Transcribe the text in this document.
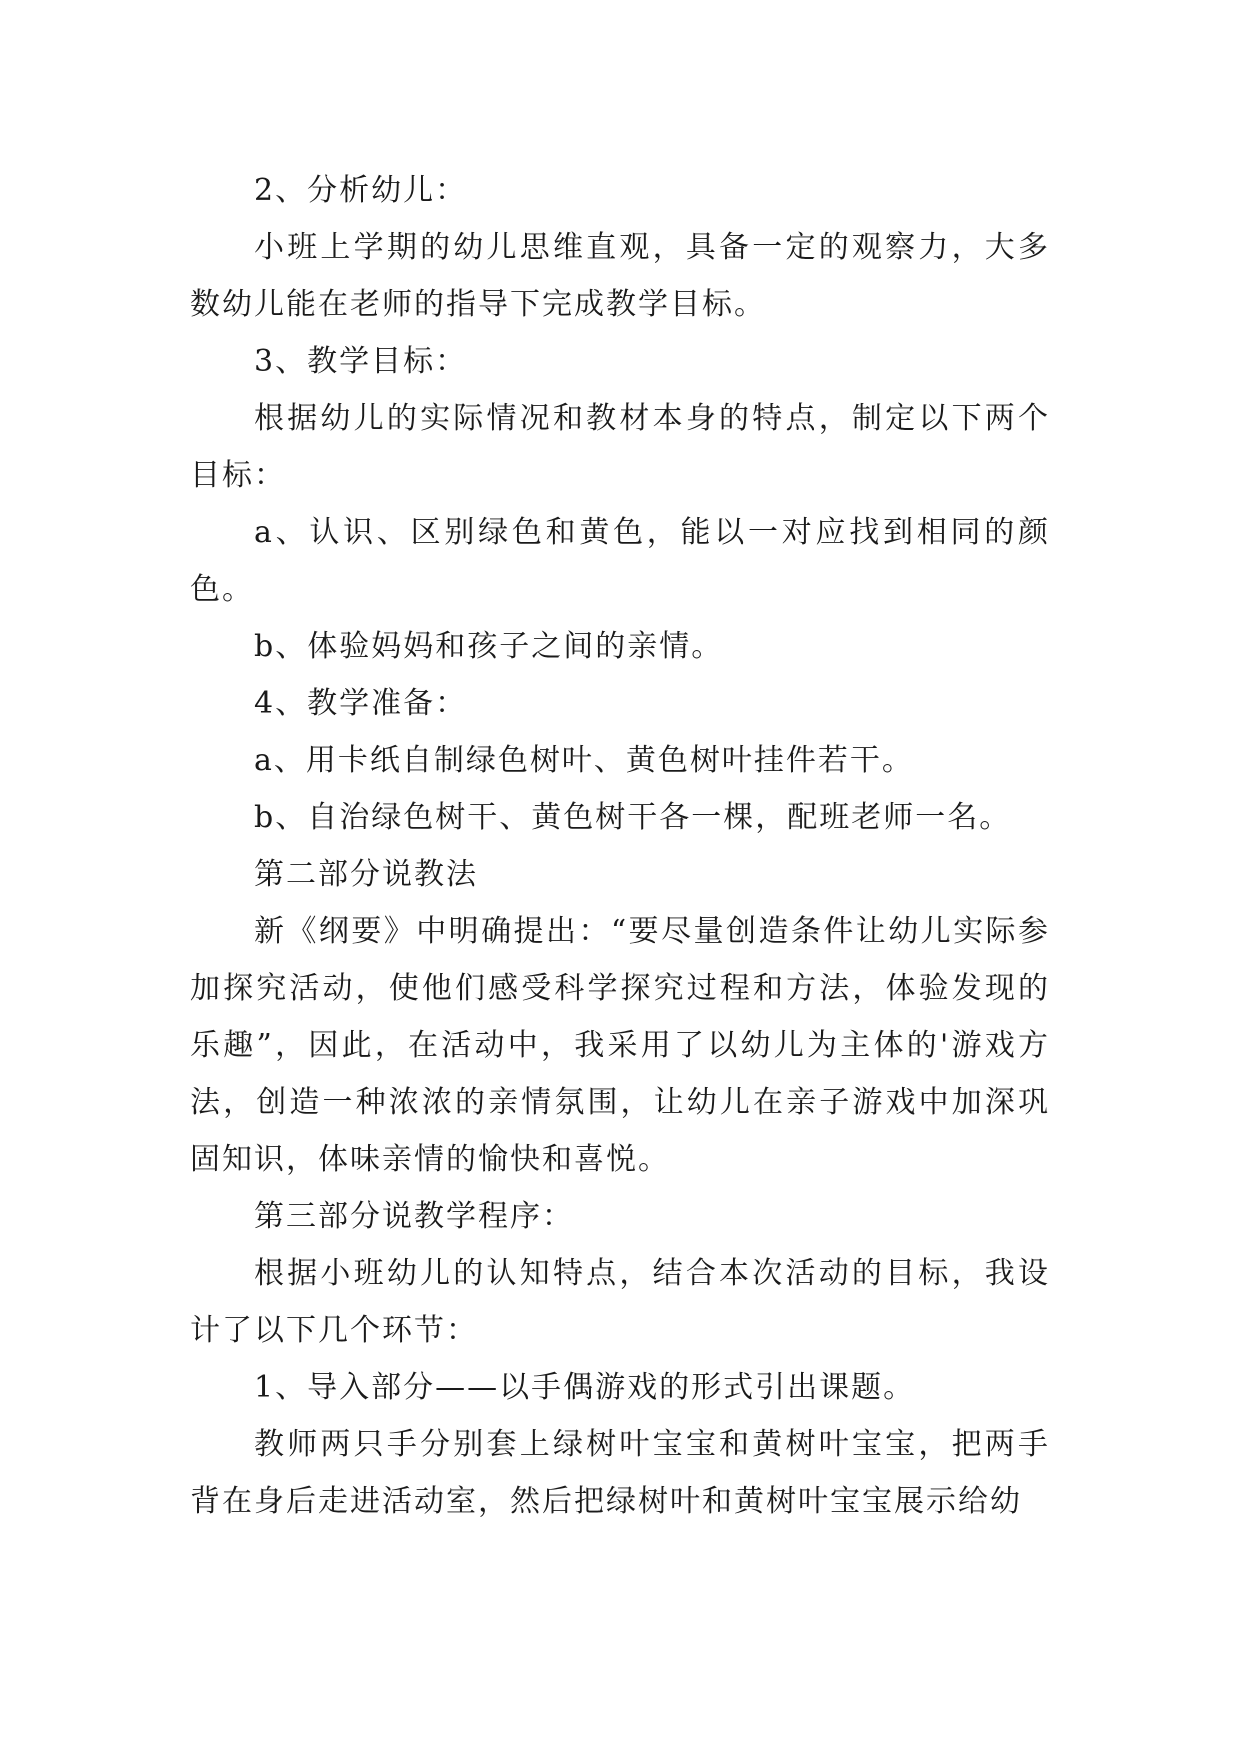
2、分析幼儿：

小班上学期的幼儿思维直观，具备一定的观察力，大多数幼儿能在老师的指导下完成教学目标。

3、教学目标：

根据幼儿的实际情况和教材本身的特点，制定以下两个目标：

a、认识、区别绿色和黄色，能以一对应找到相同的颜色。

b、体验妈妈和孩子之间的亲情。

4、教学准备：

a、用卡纸自制绿色树叶、黄色树叶挂件若干。

b、自治绿色树干、黄色树干各一棵，配班老师一名。

第二部分说教法

新《纲要》中明确提出：“要尽量创造条件让幼儿实际参加探究活动，使他们感受科学探究过程和方法，体验发现的乐趣”，因此，在活动中，我采用了以幼儿为主体的'游戏方法，创造一种浓浓的亲情氛围，让幼儿在亲子游戏中加深巩固知识，体味亲情的愉快和喜悦。

第三部分说教学程序：

根据小班幼儿的认知特点，结合本次活动的目标，我设计了以下几个环节：

1、导入部分——以手偶游戏的形式引出课题。

教师两只手分别套上绿树叶宝宝和黄树叶宝宝，把两手背在身后走进活动室，然后把绿树叶和黄树叶宝宝展示给幼
